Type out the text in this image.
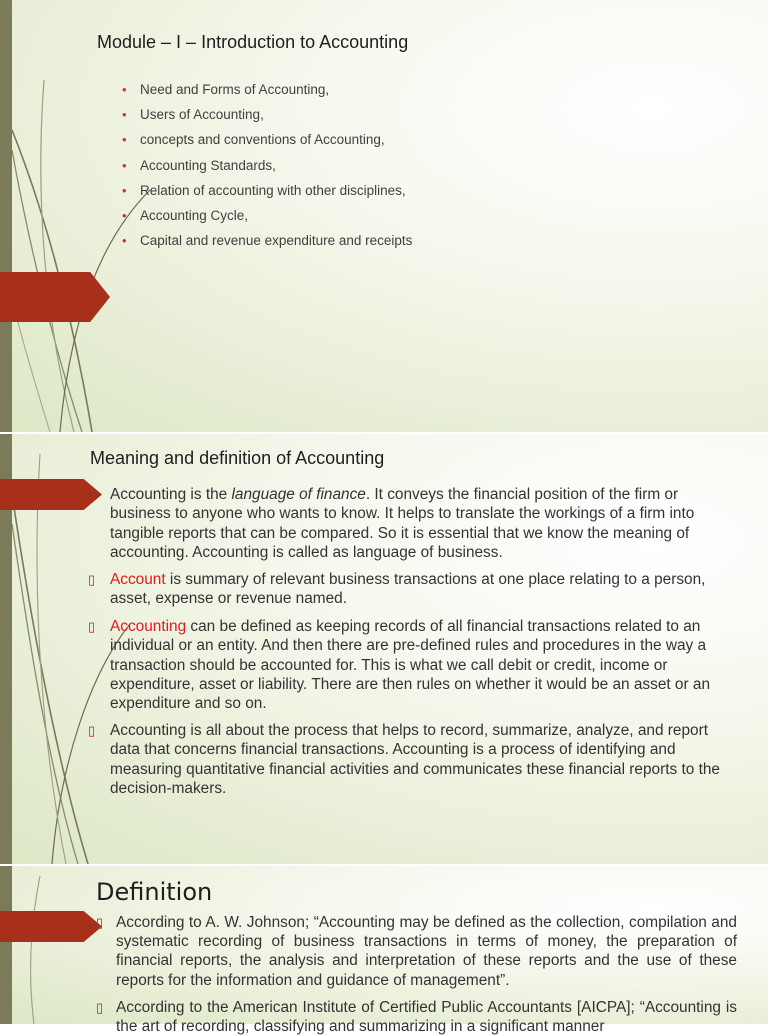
Module – I – Introduction to Accounting
• Need and Forms of Accounting,
• Users of Accounting,
• concepts and conventions of Accounting,
• Accounting Standards,
• Relation of accounting with other disciplines,
• Accounting Cycle,
• Capital and revenue expenditure and receipts
Meaning and definition of Accounting
Accounting is the language of finance. It conveys the financial position of the firm or business to anyone who wants to know. It helps to translate the workings of a firm into tangible reports that can be compared. So it is essential that we know the meaning of accounting. Accounting is called as language of business.
▯ Account is summary of relevant business transactions at one place relating to a person, asset, expense or revenue named.
▯ Accounting can be defined as keeping records of all financial transactions related to an individual or an entity. And then there are pre-defined rules and procedures in the way a transaction should be accounted for. This is what we call debit or credit, income or expenditure, asset or liability. There are then rules on whether it would be an asset or an expenditure and so on.
▯ Accounting is all about the process that helps to record, summarize, analyze, and report data that concerns financial transactions. Accounting is a process of identifying and measuring quantitative financial activities and communicates these financial reports to the decision-makers.
Definition
▯ According to A. W. Johnson; “Accounting may be defined as the collection, compilation and systematic recording of business transactions in terms of money, the preparation of financial reports, the analysis and interpretation of these reports and the use of these reports for the information and guidance of management”.
▯ According to the American Institute of Certified Public Accountants [AICPA]; “Accounting is the art of recording, classifying and summarizing in a significant manner
